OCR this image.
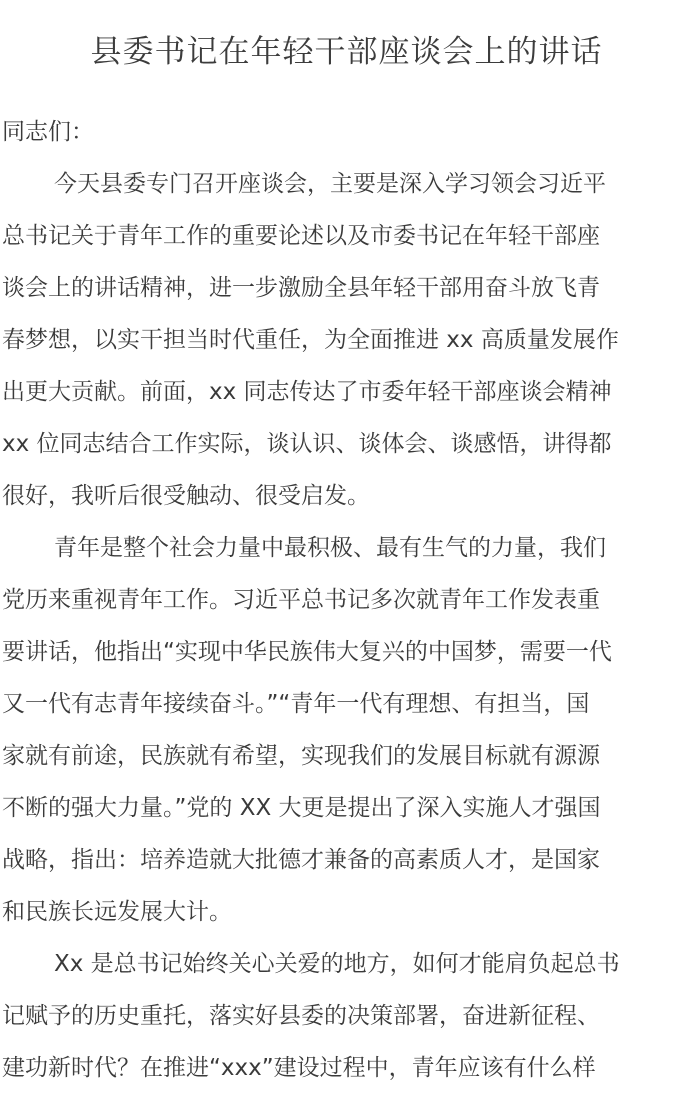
县委书记在年轻干部座谈会上的讲话
同志们：
今天县委专门召开座谈会，主要是深入学习领会习近平
总书记关于青年工作的重要论述以及市委书记在年轻干部座
谈会上的讲话精神，进一步激励全县年轻干部用奋斗放飞青
春梦想，以实干担当时代重任，为全面推进 xx 高质量发展作
出更大贡献。前面，xx 同志传达了市委年轻干部座谈会精神
xx 位同志结合工作实际，谈认识、谈体会、谈感悟，讲得都
很好，我听后很受触动、很受启发。
青年是整个社会力量中最积极、最有生气的力量，我们
党历来重视青年工作。习近平总书记多次就青年工作发表重
要讲话，他指出“实现中华民族伟大复兴的中国梦，需要一代
又一代有志青年接续奋斗。”“青年一代有理想、有担当，国
家就有前途，民族就有希望，实现我们的发展目标就有源源
不断的强大力量。”党的 XX 大更是提出了深入实施人才强国
战略，指出：培养造就大批德才兼备的高素质人才，是国家
和民族长远发展大计。
Xx 是总书记始终关心关爱的地方，如何才能肩负起总书
记赋予的历史重托，落实好县委的决策部署，奋进新征程、
建功新时代？在推进“xxx”建设过程中，青年应该有什么样
